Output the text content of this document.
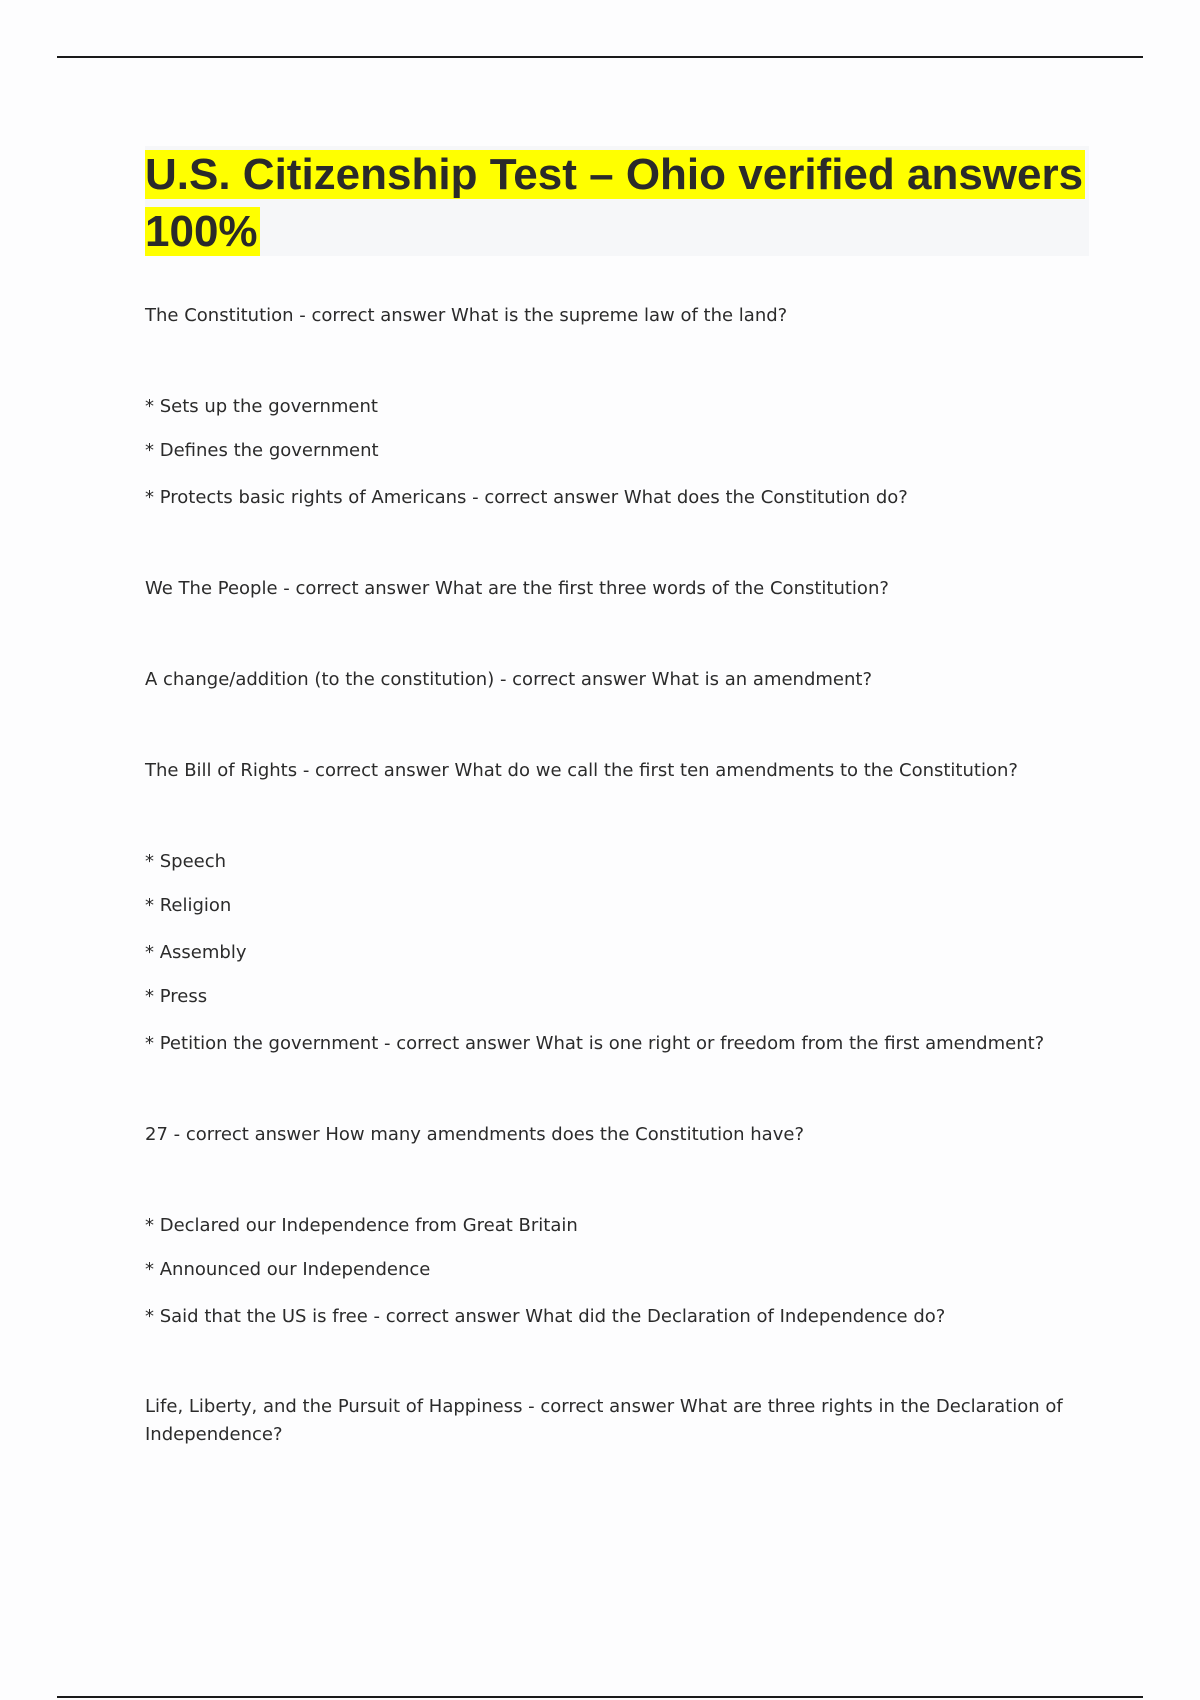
U.S. Citizenship Test – Ohio verified answers 100%
The Constitution - correct answer What is the supreme law of the land?
* Sets up the government
* Defines the government
* Protects basic rights of Americans - correct answer What does the Constitution do?
We The People - correct answer What are the first three words of the Constitution?
A change/addition (to the constitution) - correct answer What is an amendment?
The Bill of Rights - correct answer What do we call the first ten amendments to the Constitution?
* Speech
* Religion
* Assembly
* Press
* Petition the government - correct answer What is one right or freedom from the first amendment?
27 - correct answer How many amendments does the Constitution have?
* Declared our Independence from Great Britain
* Announced our Independence
* Said that the US is free - correct answer What did the Declaration of Independence do?
Life, Liberty, and the Pursuit of Happiness - correct answer What are three rights in the Declaration of Independence?
